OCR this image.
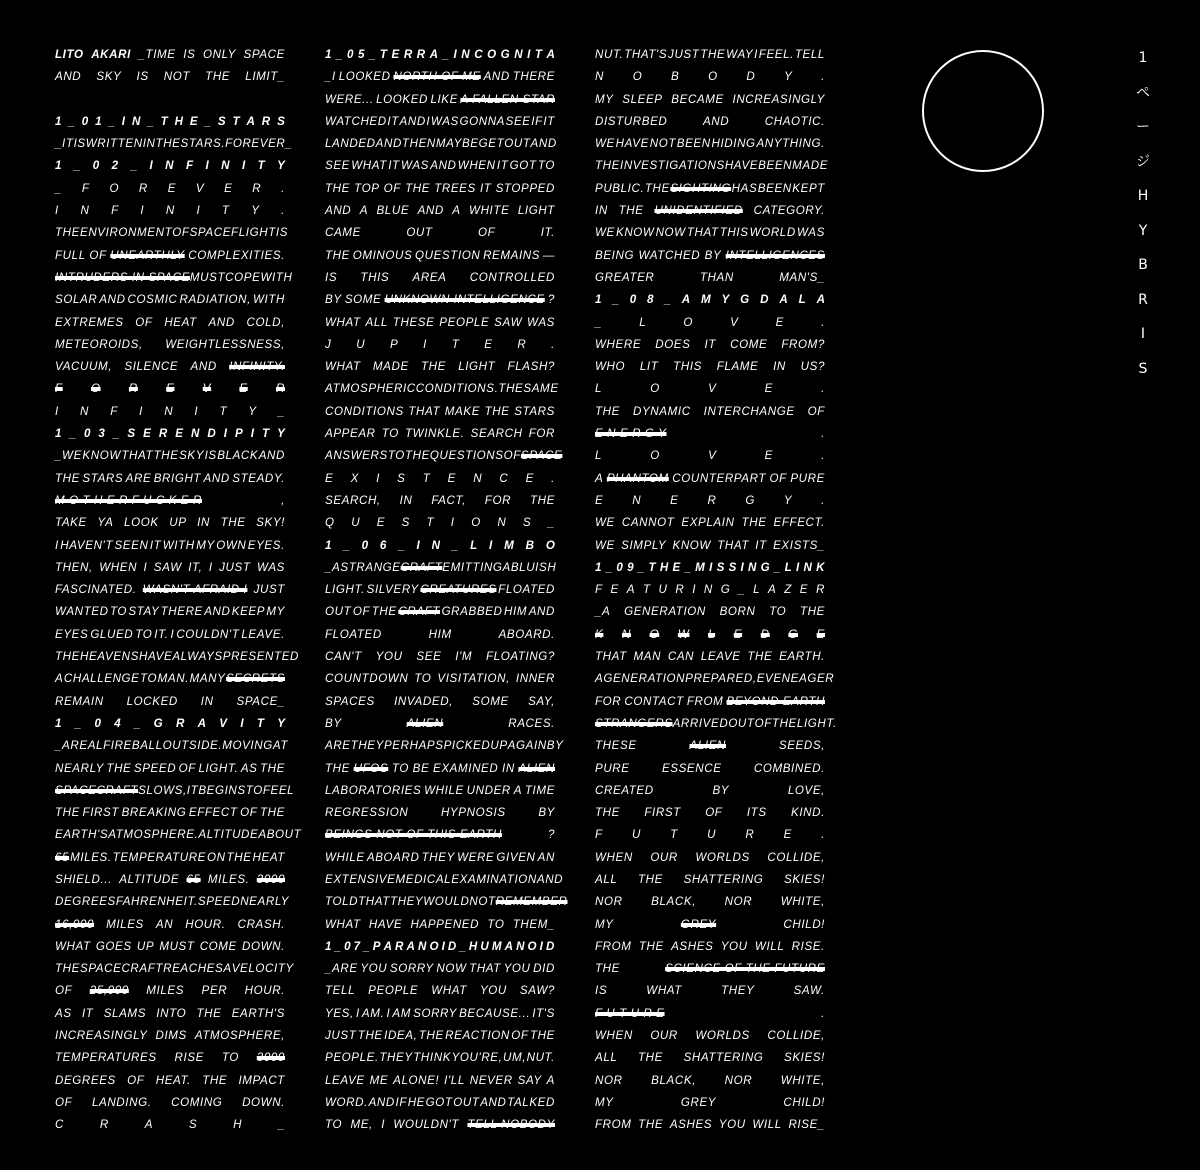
LITO AKARI _TIME IS ONLY SPACE
AND SKY IS NOT THE LIMIT_
1 _ 0 1 _ I N _ T H E _ S T A R S
_IT IS WRITTEN IN THE STARS. FOREVER_
1 _ 0 2 _ I N F I N I T Y
_ F O R E V E R .
I N F I N I T Y .
THE ENVIRONMENT OF SPACE FLIGHT IS
FULL OF UNEARTHLY COMPLEXITIES.
INTRUDERS IN SPACE MUST COPE WITH
SOLAR AND COSMIC RADIATION, WITH
EXTREMES OF HEAT AND COLD,
METEOROIDS, WEIGHTLESSNESS,
VACUUM, SILENCE AND INFINITY.
F O R E V E R
I N F I N I T Y _
1 _ 0 3 _ S E R E N D I P I T Y
_WE KNOW THAT THE SKY IS BLACK AND
THE STARS ARE BRIGHT AND STEADY.
M O T H E R F U C K E R	,
TAKE YA LOOK UP IN THE SKY!
I HAVEN'T SEEN IT WITH MY OWN EYES.
THEN, WHEN I SAW IT, I JUST WAS
FASCINATED. WASN'T AFRAID I JUST
WANTED TO STAY THERE AND KEEP MY
EYES GLUED TO IT. I COULDN'T LEAVE.
THE HEAVENS HAVE ALWAYS PRESENTED
A CHALLENGE TO MAN. MANY SECRETS
REMAIN LOCKED IN SPACE_
1 _ 0 4 _ G R A V I T Y
_A REAL FIREBALL OUTSIDE. MOVING AT
NEARLY THE SPEED OF LIGHT. AS THE
SPACECRAFT SLOWS, IT BEGINS TO FEEL
THE FIRST BREAKING EFFECT OF THE
EARTH'S ATMOSPHERE. ALTITUDE ABOUT
65 MILES. TEMPERATURE ON THE HEAT
SHIELD... ALTITUDE 65 MILES. 3000
DEGREES FAHRENHEIT. SPEED NEARLY
16,000 MILES AN HOUR. CRASH.
WHAT GOES UP MUST COME DOWN.
THE SPACECRAFT REACHES A VELOCITY
OF 25,000 MILES PER HOUR.
AS IT SLAMS INTO THE EARTH'S
INCREASINGLY DIMS ATMOSPHERE,
TEMPERATURES RISE TO 3000
DEGREES OF HEAT. THE IMPACT
OF LANDING. COMING DOWN.
C	R	A	S	H	_
1 _ 0 5 _ T E R R A _ I N C O G N I T A
_I LOOKED NORTH OF ME AND THERE
WERE... LOOKED LIKE A FALLEN STAR
WATCHED IT AND I WAS GONNA SEE IF IT
LANDED AND THEN MAYBE GET OUT AND
SEE WHAT IT WAS AND WHEN IT GOT TO
THE TOP OF THE TREES IT STOPPED
AND A BLUE AND A WHITE LIGHT
CAME	OUT	OF	IT.
THE OMINOUS QUESTION REMAINS —
IS THIS AREA CONTROLLED
BY SOME UNKNOWN INTELLIGENCE ?
WHAT ALL THESE PEOPLE SAW WAS
J U P I T E R .
WHAT MADE THE LIGHT FLASH?
ATMOSPHERIC CONDITIONS. THE SAME
CONDITIONS THAT MAKE THE STARS
APPEAR TO TWINKLE. SEARCH FOR
ANSWERS TO THE QUESTIONS OF SPACE
E X I S T E N C E .
SEARCH, IN FACT, FOR THE
Q U E S T I O N S _
1 _ 0 6 _ I N _ L I M B O
_A STRANGE CRAFT EMITTING A BLUISH
LIGHT. SILVERY CREATURES FLOATED
OUT OF THE CRAFT GRABBED HIM AND
FLOATED	HIM	ABOARD.
CAN'T YOU SEE I'M FLOATING?
COUNTDOWN TO VISITATION, INNER
SPACES INVADED, SOME SAY,
BY	ALIEN	RACES.
ARE THEY PERHAPS PICKED UP AGAIN BY
THE UFOS TO BE EXAMINED IN ALIEN
LABORATORIES WHILE UNDER A TIME
REGRESSION	HYPNOSIS	BY
BEINGS NOT OF THIS EARTH	?
WHILE ABOARD THEY WERE GIVEN AN
EXTENSIVE MEDICAL EXAMINATION AND
TOLD THAT THEY WOULD NOT REMEMBER
WHAT HAVE HAPPENED TO THEM_
1 _ 0 7 _ P A R A N O I D _ H U M A N O I D
_ARE YOU SORRY NOW THAT YOU DID
TELL PEOPLE WHAT YOU SAW?
YES, I AM. I AM SORRY BECAUSE... IT'S
JUST THE IDEA, THE REACTION OF THE
PEOPLE. THEY THINK YOU'RE, UM, NUT.
LEAVE ME ALONE! I'LL NEVER SAY A
WORD. AND IF HE GOT OUT AND TALKED
TO ME, I WOULDN'T TELL NOBODY
NUT. THAT'S JUST THE WAY I FEEL. TELL
N O B O D Y .
MY SLEEP BECAME INCREASINGLY
DISTURBED	AND	CHAOTIC.
WE HAVE NOT BEEN HIDING ANYTHING.
THE INVESTIGATIONS HAVE BEEN MADE
PUBLIC. THE SIGHTING HAS BEEN KEPT
IN THE UNIDENTIFIED CATEGORY.
WE KNOW NOW THAT THIS WORLD WAS
BEING WATCHED BY INTELLIGENCES
GREATER	THAN	MAN'S_
1 _ 0 8 _ A M Y G D A L A
_	L	O	V	E	.
WHERE DOES IT COME FROM?
WHO LIT THIS FLAME IN US?
L	O	V	E	.
THE DYNAMIC INTERCHANGE OF
E N E R G Y	.
L	O	V	E	.
A PHANTOM COUNTERPART OF PURE
E N E R G Y .
WE CANNOT EXPLAIN THE EFFECT.
WE SIMPLY KNOW THAT IT EXISTS_
1 _ 0 9 _ T H E _ M I S S I N G _ L I N K
F E A T U R I N G _ L A Z E R
_A GENERATION BORN TO THE
K N O W L E D G E
THAT MAN CAN LEAVE THE EARTH.
A GENERATION PREPARED, EVEN EAGER
FOR CONTACT FROM BEYOND EARTH
STRANGERS ARRIVED OUT OF THE LIGHT.
THESE	ALIEN	SEEDS,
PURE	ESSENCE	COMBINED.
CREATED	BY	LOVE,
THE FIRST OF ITS KIND.
F	U	T	U	R	E	.
WHEN OUR WORLDS COLLIDE,
ALL THE SHATTERING SKIES!
NOR BLACK, NOR WHITE,
MY	GREY	CHILD!
FROM THE ASHES YOU WILL RISE.
THE	SCIENCE OF THE FUTURE
IS	WHAT	THEY	SAW.
F U T U R E	.
WHEN OUR WORLDS COLLIDE,
ALL THE SHATTERING SKIES!
NOR BLACK, NOR WHITE,
MY	GREY	CHILD!
FROM THE ASHES YOU WILL RISE_
1
ペ
ー
ジ
H
Y
B
R
I
S
